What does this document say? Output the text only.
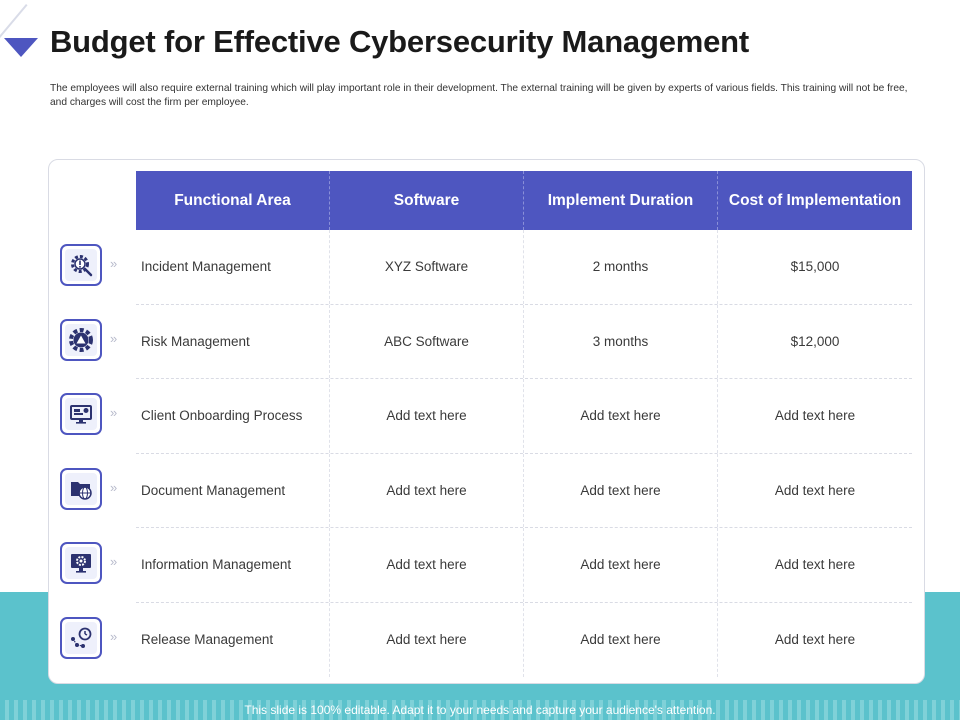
Budget for Effective Cybersecurity Management
The employees will also require external training which will play important role in their development. The external training will be given by experts of various fields. This training will not be free, and charges will cost the firm per employee.
This slide is 100% editable. Adapt it to your needs and capture your audience's attention.
»
»
»
»
»
»
Functional Area	Software	Implement Duration	Cost of Implementation
Incident Management	XYZ Software	2 months	$15,000
Risk Management	ABC Software	3 months	$12,000
Client Onboarding Process	Add text here	Add text here	Add text here
Document Management	Add text here	Add text here	Add text here
Information Management	Add text here	Add text here	Add text here
Release Management	Add text here	Add text here	Add text here
